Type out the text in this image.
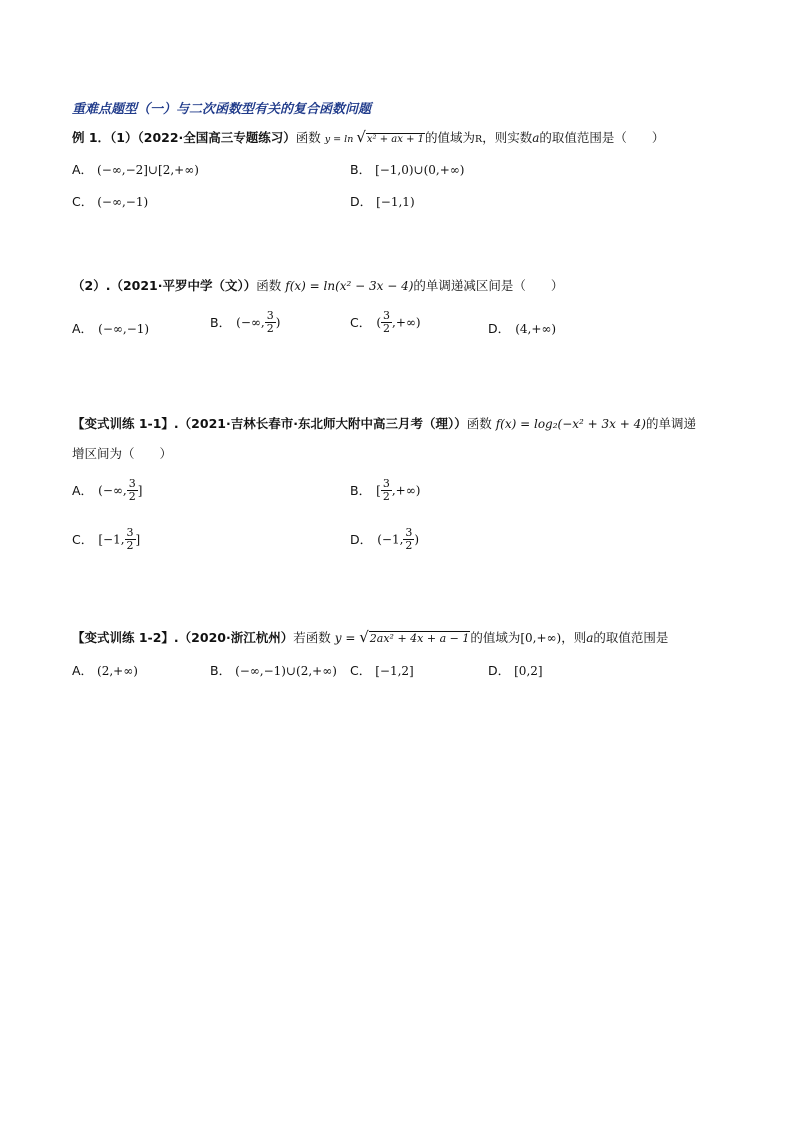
重难点题型（一）与二次函数型有关的复合函数问题
例 1．（1）（2022·全国高三专题练习）函数 y = ln √x² + ax + 1的值域为R，则实数a的取值范围是（　　）
A． (−∞,−2]∪[2,+∞)	B． [−1,0)∪(0,+∞)
C． (−∞,−1)	D． [−1,1)
（2）.（2021·平罗中学（文））函数 f(x) = ln(x² − 3x − 4)的单调递减区间是（　　）
A． (−∞,−1)	B． (−∞, $\frac{3}{2}$ )	C． ( $\frac{3}{2}$ ,+∞)	D． (4,+∞)
【变式训练 1-1】.（2021·吉林长春市·东北师大附中高三月考（理））函数 f(x) = log₂(−x² + 3x + 4)的单调递
增区间为（　　）
A． (−∞, $\frac{3}{2}$ ]	B． [ $\frac{3}{2}$ ,+∞)
C． [−1, $\frac{3}{2}$ ]	D． (−1, $\frac{3}{2}$ )
【变式训练 1-2】.（2020·浙江杭州）若函数 y = √2ax² + 4x + a − 1的值域为[0,+∞)，则a的取值范围是
A． (2,+∞)	B． (−∞,−1)∪(2,+∞) C． [−1,2]	D． [0,2]
